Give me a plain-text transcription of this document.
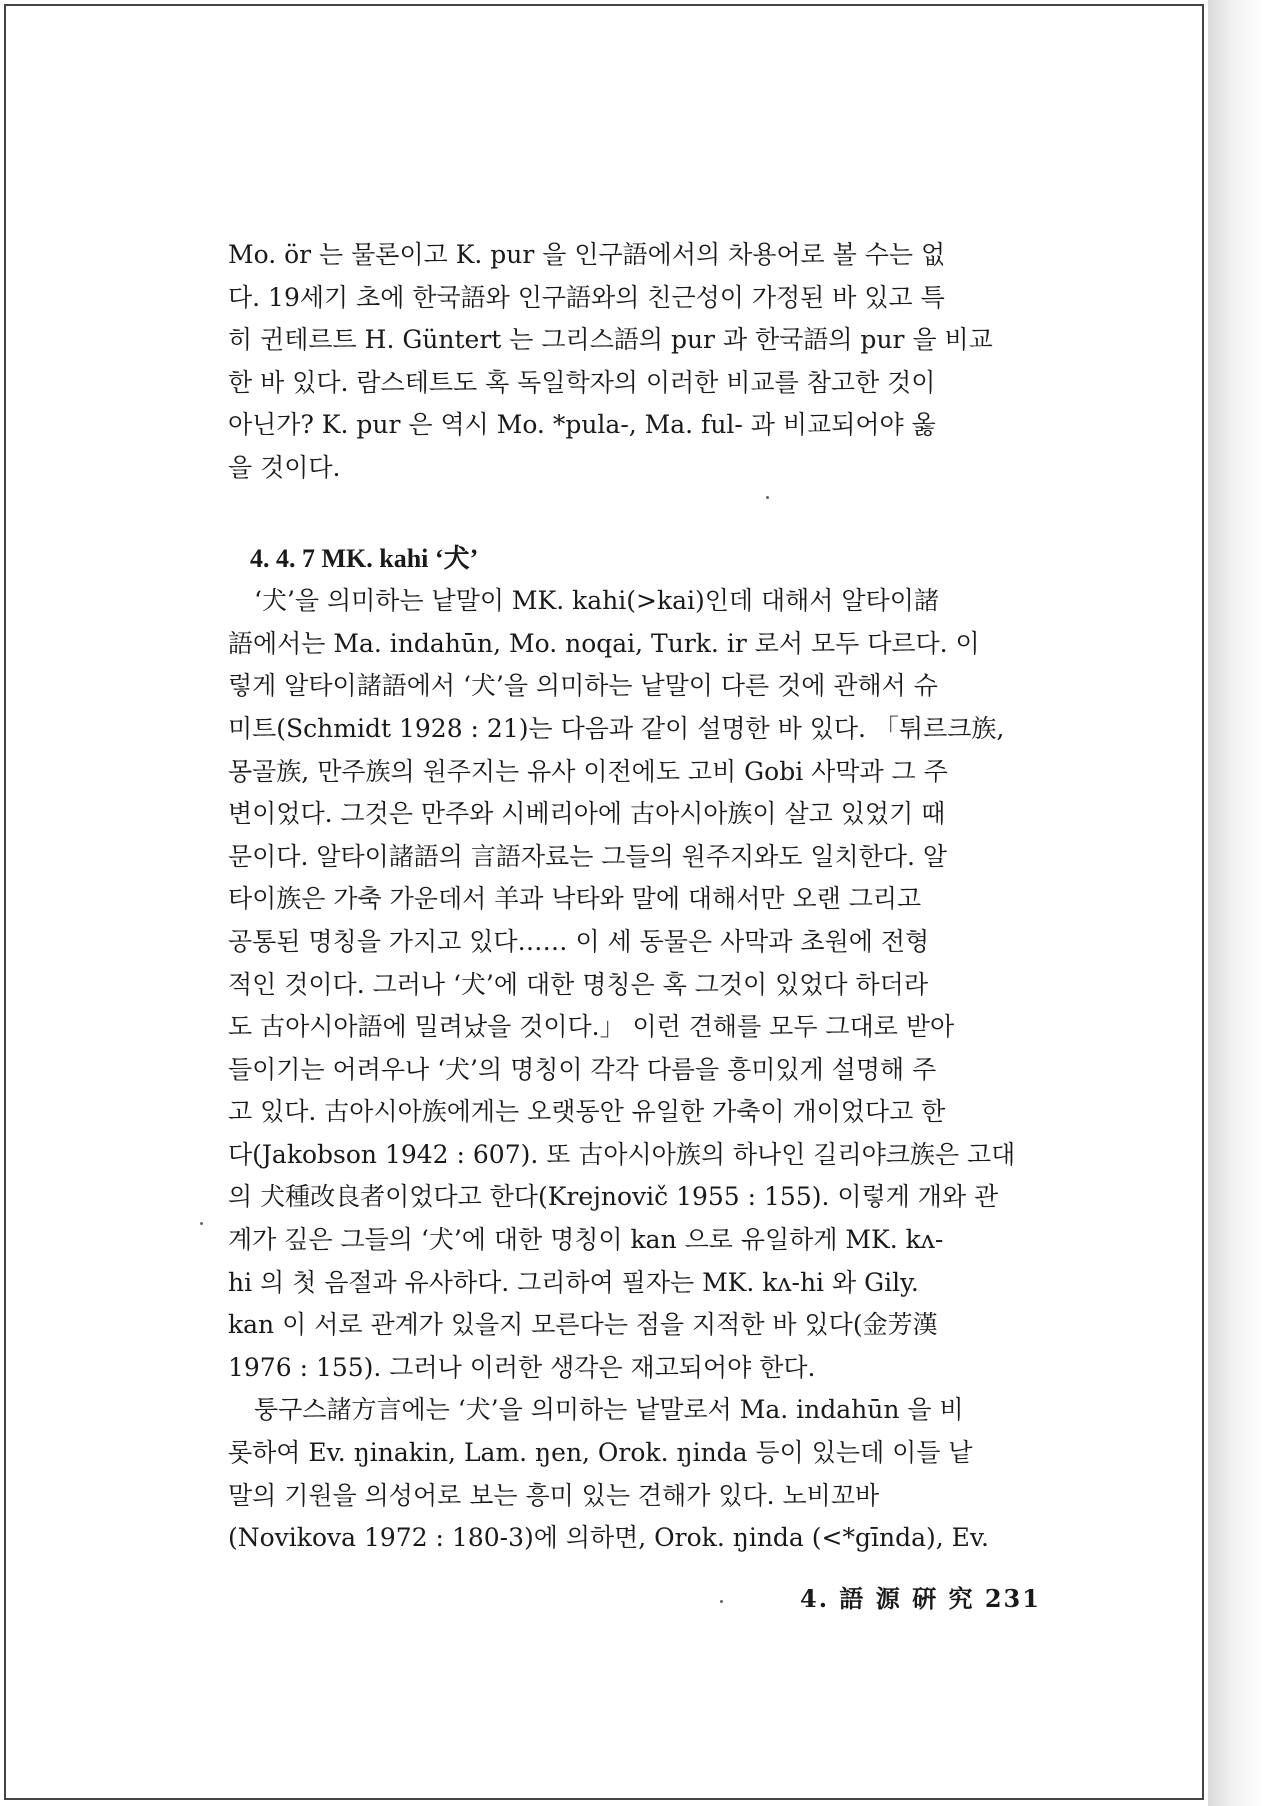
Mo. ör 는 물론이고 K. pur 을 인구語에서의 차용어로 볼 수는 없
다. 19세기 초에 한국語와 인구語와의 친근성이 가정된 바 있고 특
히 귄테르트 H. Güntert 는 그리스語의 pur 과 한국語의 pur 을 비교
한 바 있다. 람스테트도 혹 독일학자의 이러한 비교를 참고한 것이
아닌가? K. pur 은 역시 Mo. *pula-, Ma. ful- 과 비교되어야 옳
을 것이다.
4. 4. 7 MK. kahi ‘犬’
‘犬’을 의미하는 낱말이 MK. kahi(>kai)인데 대해서 알타이諸
語에서는 Ma. indahūn, Mo. noqai, Turk. ir 로서 모두 다르다. 이
렇게 알타이諸語에서 ‘犬’을 의미하는 낱말이 다른 것에 관해서 슈
미트(Schmidt 1928 : 21)는 다음과 같이 설명한 바 있다. 「튀르크族,
몽골族, 만주族의 원주지는 유사 이전에도 고비 Gobi 사막과 그 주
변이었다. 그것은 만주와 시베리아에 古아시아族이 살고 있었기 때
문이다. 알타이諸語의 言語자료는 그들의 원주지와도 일치한다. 알
타이族은 가축 가운데서 羊과 낙타와 말에 대해서만 오랜 그리고
공통된 명칭을 가지고 있다…… 이 세 동물은 사막과 초원에 전형
적인 것이다. 그러나 ‘犬’에 대한 명칭은 혹 그것이 있었다 하더라
도 古아시아語에 밀려났을 것이다.」 이런 견해를 모두 그대로 받아
들이기는 어려우나 ‘犬’의 명칭이 각각 다름을 흥미있게 설명해 주
고 있다. 古아시아族에게는 오랫동안 유일한 가축이 개이었다고 한
다(Jakobson 1942 : 607). 또 古아시아族의 하나인 길리야크族은 고대
의 犬種改良者이었다고 한다(Krejnovič 1955 : 155). 이렇게 개와 관
계가 깊은 그들의 ‘犬’에 대한 명칭이 kan 으로 유일하게 MK. kʌ-
hi 의 첫 음절과 유사하다. 그리하여 필자는 MK. kʌ-hi 와 Gily.
kan 이 서로 관계가 있을지 모른다는 점을 지적한 바 있다(金芳漢
1976 : 155). 그러나 이러한 생각은 재고되어야 한다.
퉁구스諸方言에는 ‘犬’을 의미하는 낱말로서 Ma. indahūn 을 비
롯하여 Ev. ŋinakin, Lam. ŋen, Orok. ŋinda 등이 있는데 이들 낱
말의 기원을 의성어로 보는 흥미 있는 견해가 있다. 노비꼬바
(Novikova 1972 : 180-3)에 의하면, Orok. ŋinda (<*gīnda), Ev.
4. 語 源 硏 究 231
